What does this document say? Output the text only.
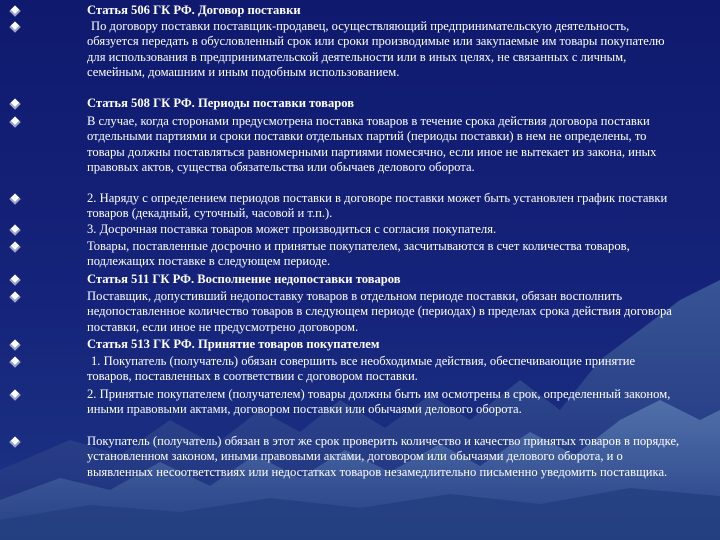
Статья 506 ГК РФ. Договор поставки
По договору поставки поставщик-продавец, осуществляющий предпринимательскую деятельность, обязуется передать в обусловленный срок или сроки производимые или закупаемые им товары покупателю для использования в предпринимательской деятельности или в иных целях, не связанных с личным, семейным, домашним и иным подобным использованием.
Статья 508 ГК РФ. Периоды поставки товаров
В случае, когда сторонами предусмотрена поставка товаров в течение срока действия договора поставки отдельными партиями и сроки поставки отдельных партий (периоды поставки) в нем не определены, то товары должны поставляться равномерными партиями помесячно, если иное не вытекает из закона, иных правовых актов, существа обязательства или обычаев делового оборота.
2. Наряду с определением периодов поставки в договоре поставки может быть установлен график поставки товаров (декадный, суточный, часовой и т.п.).
3. Досрочная поставка товаров может производиться с согласия покупателя.
Товары, поставленные досрочно и принятые покупателем, засчитываются в счет количества товаров, подлежащих поставке в следующем периоде.
Статья 511 ГК РФ. Восполнение недопоставки товаров
Поставщик, допустивший недопоставку товаров в отдельном периоде поставки, обязан восполнить недопоставленное количество товаров в следующем периоде (периодах) в пределах срока действия договора поставки, если иное не предусмотрено договором.
Статья 513 ГК РФ. Принятие товаров покупателем
1. Покупатель (получатель) обязан совершить все необходимые действия, обеспечивающие принятие товаров, поставленных в соответствии с договором поставки.
2. Принятые покупателем (получателем) товары должны быть им осмотрены в срок, определенный законом, иными правовыми актами, договором поставки или обычаями делового оборота.
Покупатель (получатель) обязан в этот же срок проверить количество и качество принятых товаров в порядке, установленном законом, иными правовыми актами, договором или обычаями делового оборота, и о выявленных несоответствиях или недостатках товаров незамедлительно письменно уведомить поставщика.
